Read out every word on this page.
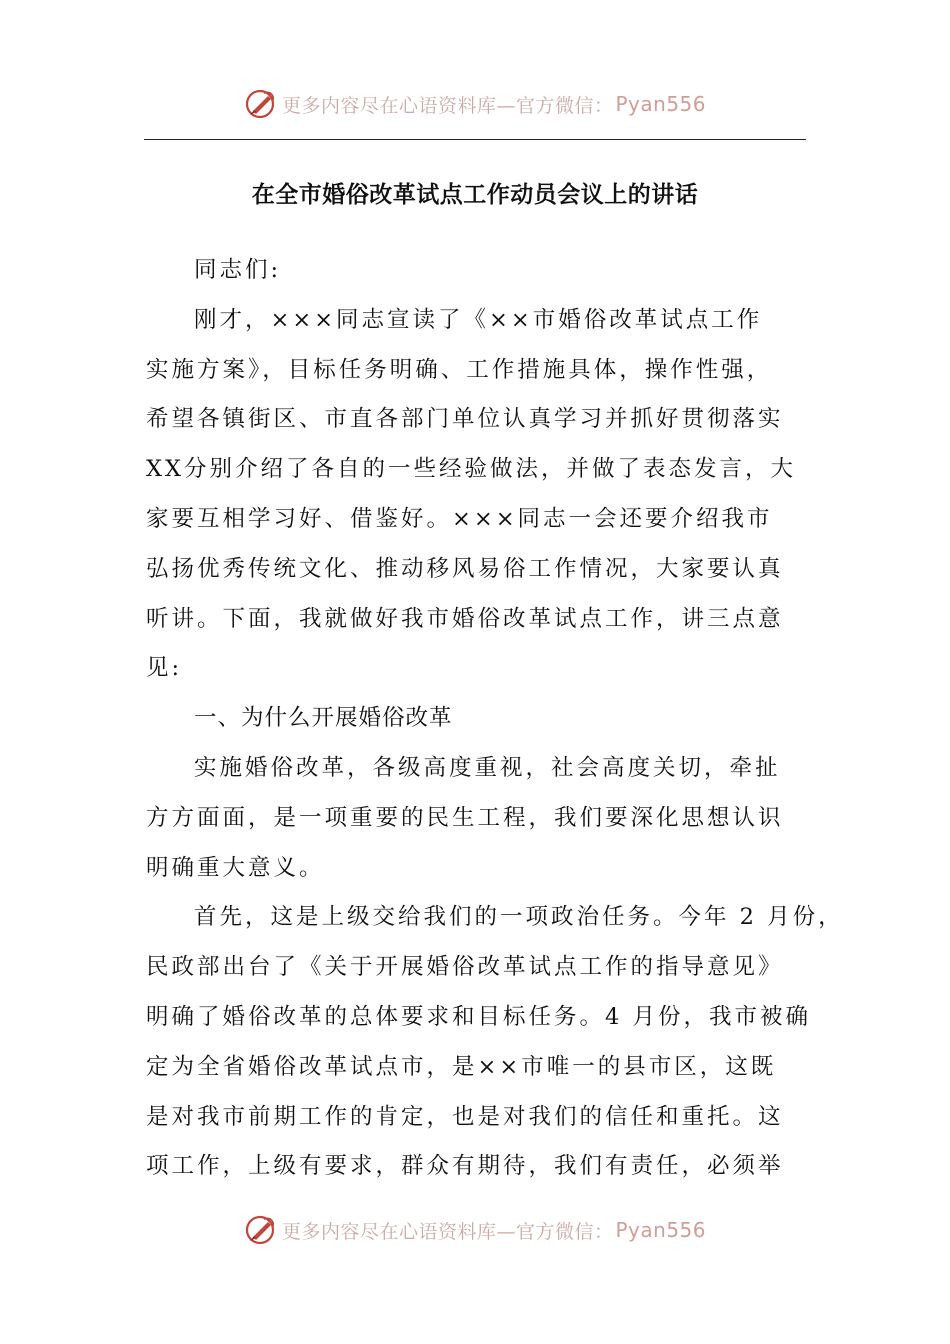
更多内容尽在心语资料库—官方微信： Pyan556
在全市婚俗改革试点工作动员会议上的讲话
同志们:
刚才，×××同志宣读了《××市婚俗改革试点工作
实施方案》，目标任务明确、工作措施具体，操作性强，
希望各镇街区、市直各部门单位认真学习并抓好贯彻落实
XX分别介绍了各自的一些经验做法，并做了表态发言，大
家要互相学习好、借鉴好。×××同志一会还要介绍我市
弘扬优秀传统文化、推动移风易俗工作情况，大家要认真
听讲。下面，我就做好我市婚俗改革试点工作，讲三点意
见:
一、为什么开展婚俗改革
实施婚俗改革，各级高度重视，社会高度关切，牵扯
方方面面，是一项重要的民生工程，我们要深化思想认识
明确重大意义。
首先，这是上级交给我们的一项政治任务。今年 2 月份，
民政部出台了《关于开展婚俗改革试点工作的指导意见》
明确了婚俗改革的总体要求和目标任务。4 月份，我市被确
定为全省婚俗改革试点市，是××市唯一的县市区，这既
是对我市前期工作的肯定，也是对我们的信任和重托。这
项工作，上级有要求，群众有期待，我们有责任，必须举
更多内容尽在心语资料库—官方微信： Pyan556
